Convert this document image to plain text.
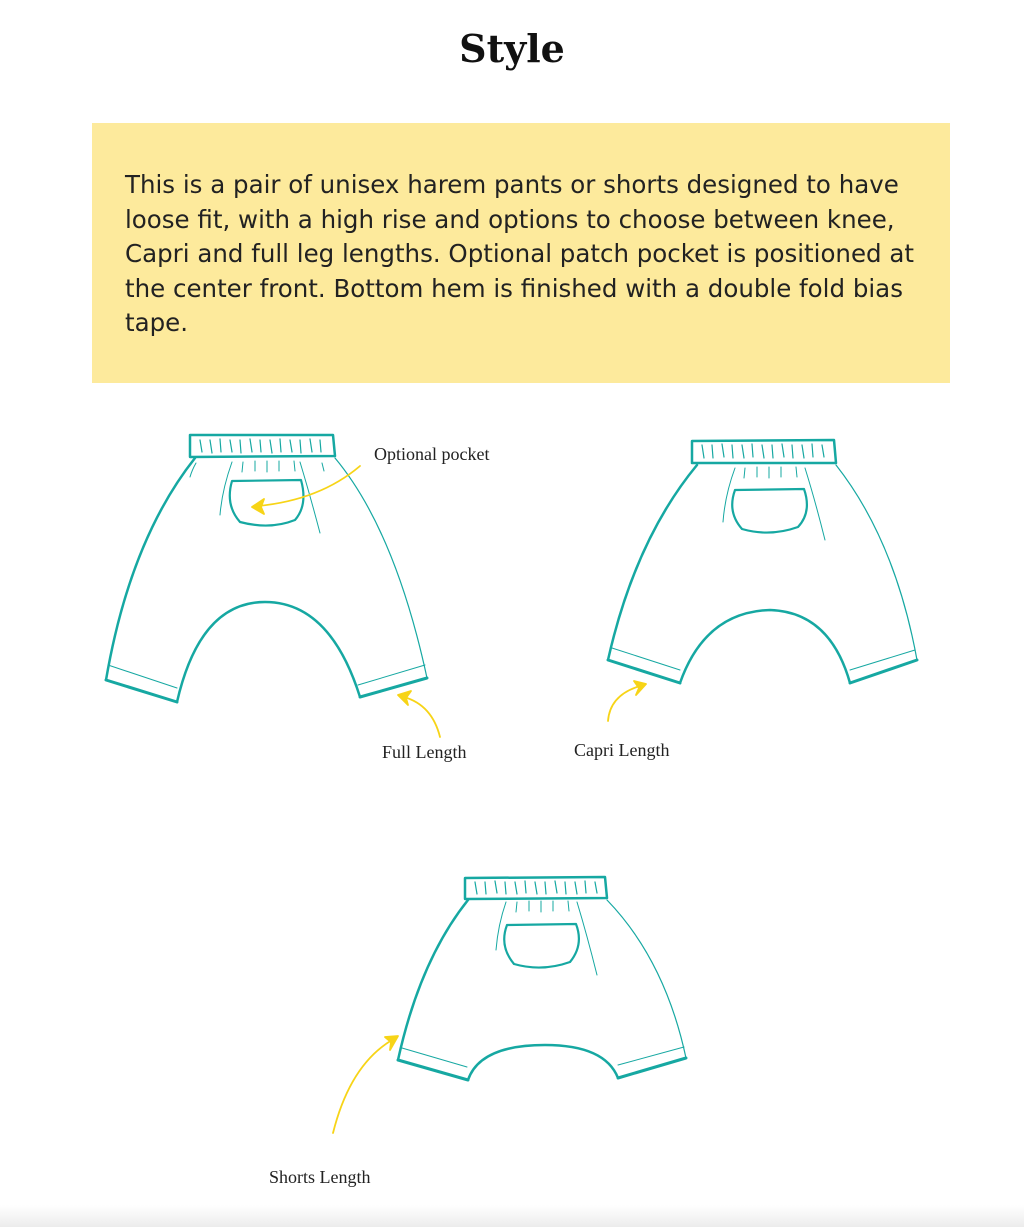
Style

This is a pair of unisex harem pants or shorts designed to have loose fit, with a high rise and options to choose between knee, Capri and full leg lengths. Optional patch pocket is positioned at the center front. Bottom hem is finished with a double fold bias tape.

Optional pocket
Full Length	Capri Length
Shorts Length
